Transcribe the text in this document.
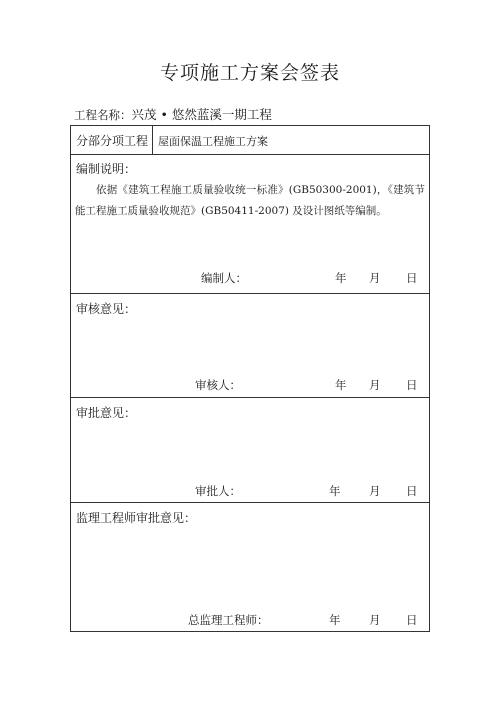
专项施工方案会签表
工程名称：兴茂 • 悠然蓝溪一期工程
分部分项工程 屋面保温工程施工方案
编制说明：
依据《建筑工程施工质量验收统一标准》(GB50300-2001)，《建筑节能工程施工质量验收规范》(GB50411-2007) 及设计图纸等编制。
编制人：	年 月 日
审核意见：
审核人：	年 月 日
审批意见：
审批人：	年 月 日
监理工程师审批意见：
总监理工程师：	年 月 日
